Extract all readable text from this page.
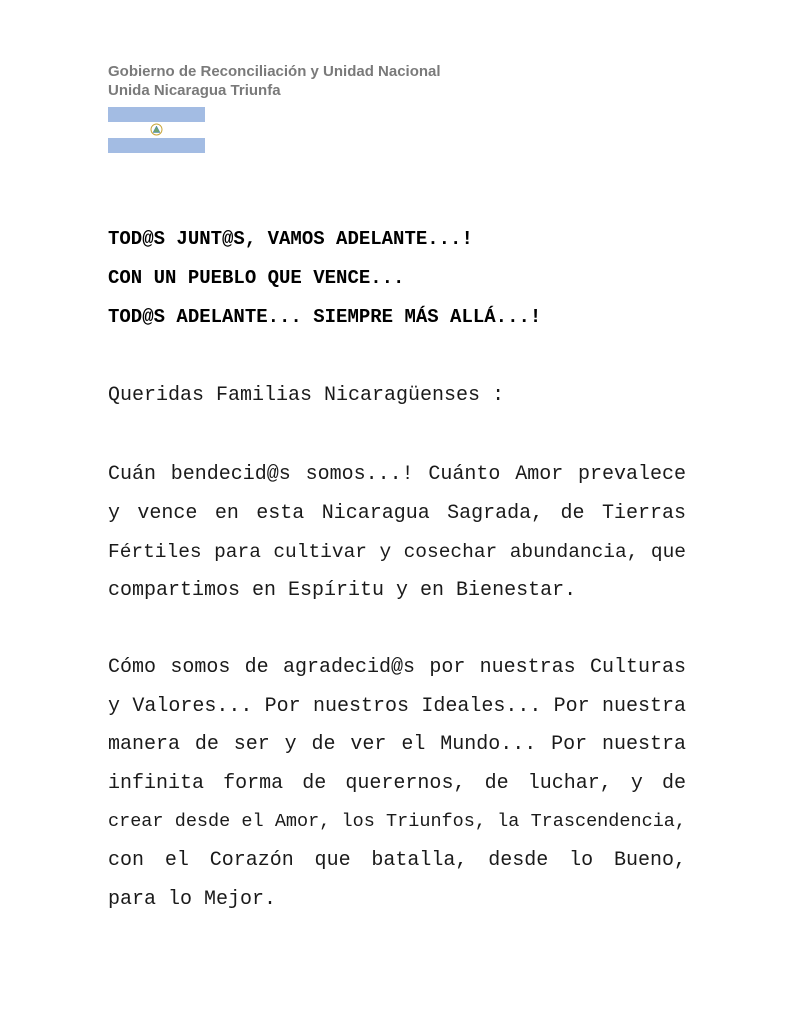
Gobierno de Reconciliación y Unidad Nacional
Unida Nicaragua Triunfa
TOD@S JUNT@S, VAMOS ADELANTE...!
CON UN PUEBLO QUE VENCE...
TOD@S ADELANTE... SIEMPRE MÁS ALLÁ...!
Queridas Familias Nicaragüenses :
Cuán bendecid@s somos...! Cuánto Amor prevalece
y vence en esta Nicaragua Sagrada, de Tierras
Fértiles para cultivar y cosechar abundancia, que
compartimos en Espíritu y en Bienestar.
Cómo somos de agradecid@s por nuestras Culturas
y Valores... Por nuestros Ideales... Por nuestra
manera de ser y de ver el Mundo... Por nuestra
infinita forma de querernos, de luchar, y de
crear desde el Amor, los Triunfos, la Trascendencia,
con el Corazón que batalla, desde lo Bueno,
para lo Mejor.
